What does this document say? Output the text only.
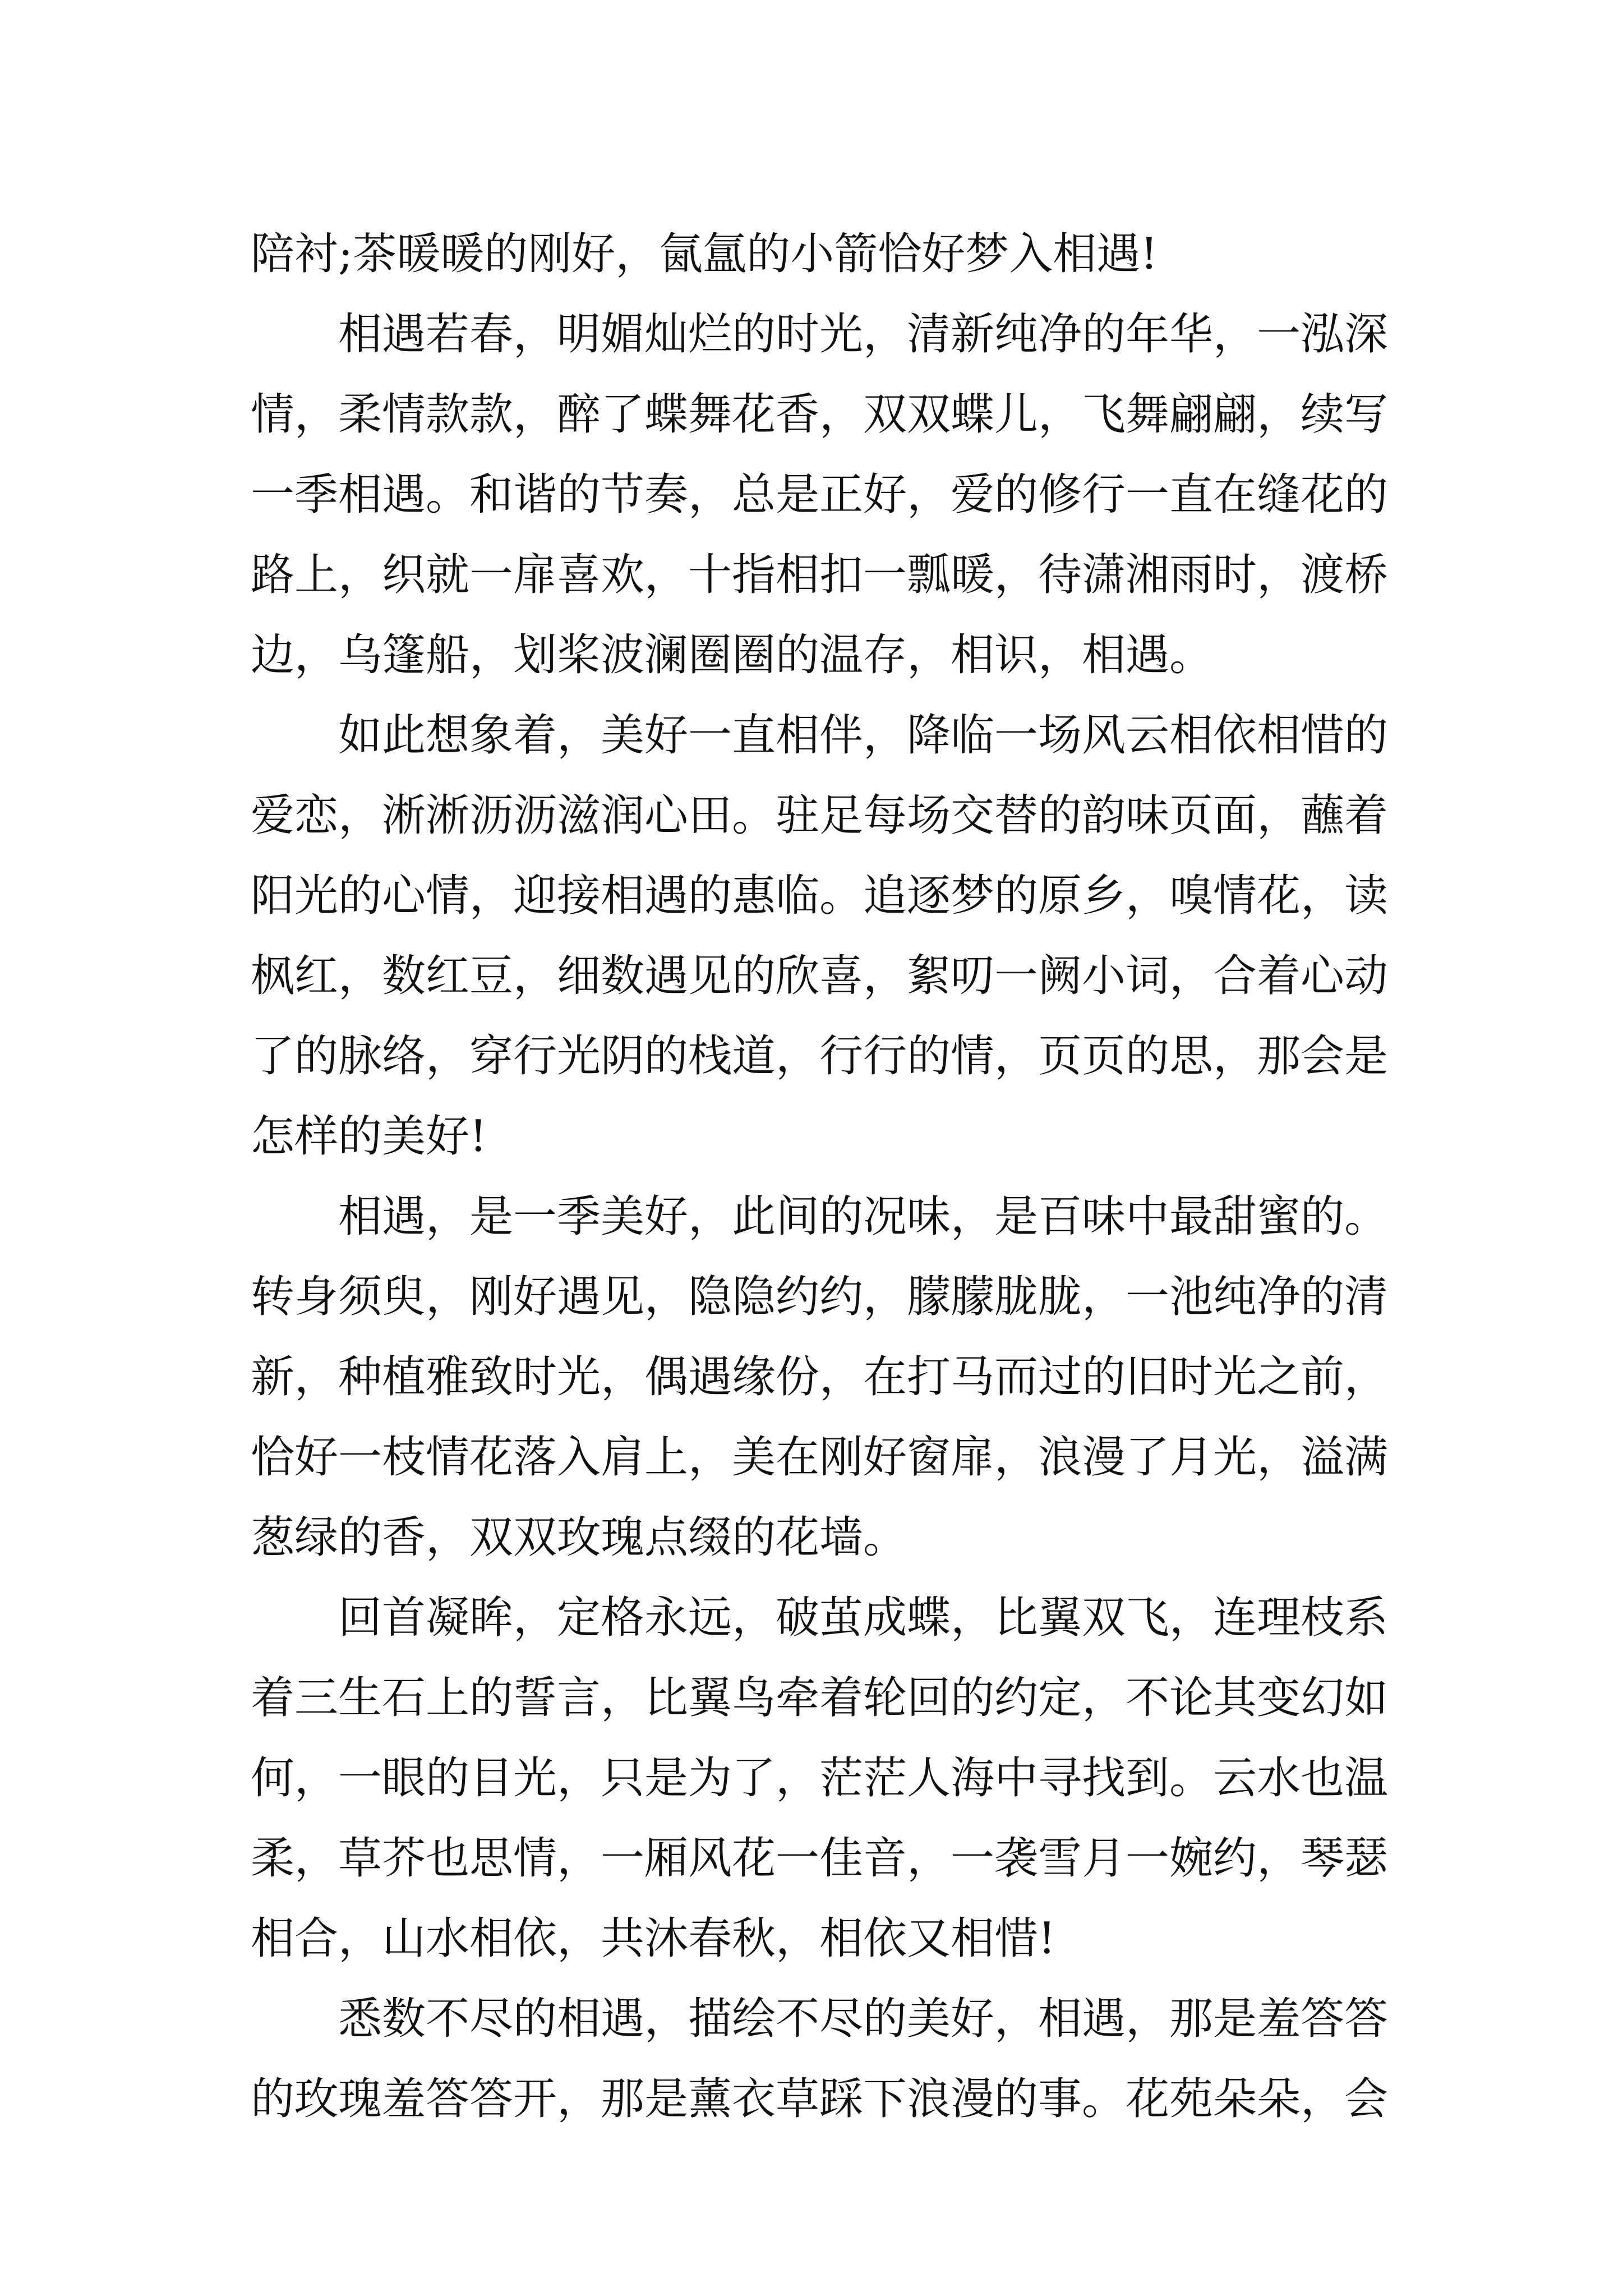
陪衬;茶暖暖的刚好，氤氲的小箭恰好梦入相遇!
相遇若春，明媚灿烂的时光，清新纯净的年华，一泓深
情，柔情款款，醉了蝶舞花香，双双蝶儿，飞舞翩翩，续写
一季相遇。和谐的节奏，总是正好，爱的修行一直在缝花的
路上，织就一扉喜欢，十指相扣一瓢暖，待潇湘雨时，渡桥
边，乌篷船，划桨波澜圈圈的温存，相识，相遇。
如此想象着，美好一直相伴，降临一场风云相依相惜的
爱恋，淅淅沥沥滋润心田。驻足每场交替的韵味页面，蘸着
阳光的心情，迎接相遇的惠临。追逐梦的原乡，嗅情花，读
枫红，数红豆，细数遇见的欣喜，絮叨一阙小词，合着心动
了的脉络，穿行光阴的栈道，行行的情，页页的思，那会是
怎样的美好!
相遇，是一季美好，此间的况味，是百味中最甜蜜的。
转身须臾，刚好遇见，隐隐约约，朦朦胧胧，一池纯净的清
新，种植雅致时光，偶遇缘份，在打马而过的旧时光之前，
恰好一枝情花落入肩上，美在刚好窗扉，浪漫了月光，溢满
葱绿的香，双双玫瑰点缀的花墙。
回首凝眸，定格永远，破茧成蝶，比翼双飞，连理枝系
着三生石上的誓言，比翼鸟牵着轮回的约定，不论其变幻如
何，一眼的目光，只是为了，茫茫人海中寻找到。云水也温
柔，草芥也思情，一厢风花一佳音，一袭雪月一婉约，琴瑟
相合，山水相依，共沐春秋，相依又相惜!
悉数不尽的相遇，描绘不尽的美好，相遇，那是羞答答
的玫瑰羞答答开，那是薰衣草踩下浪漫的事。花苑朵朵，会
